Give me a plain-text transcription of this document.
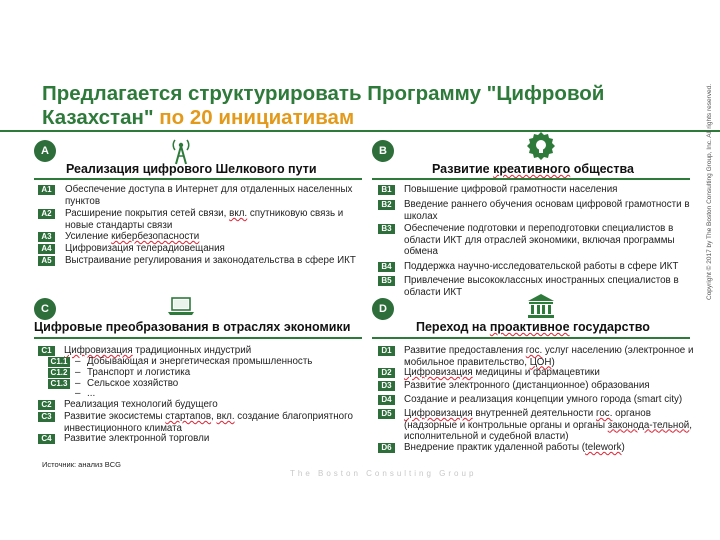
Предлагается структурировать Программу "Цифровой
Казахстан" по 20 инициативам
A
Реализация цифрового Шелкового пути
A1	Обеспечение доступа в Интернет для отдаленных населенных пунктов
A2	Расширение покрытия сетей связи, вкл. спутниковую связь и новые стандарты связи
A3	Усиление кибербезопасности
A4	Цифровизация телерадиовещания
A5	Выстраивание регулирования и законодательства в сфере ИКТ
B
Развитие креативного общества
B1	Повышение цифровой грамотности населения
B2	Введение раннего обучения основам цифровой грамотности в школах
B3	Обеспечение подготовки и переподготовки специалистов в области ИКТ для отраслей экономики, включая программы обмена
B4	Поддержка научно-исследовательской работы в сфере ИКТ
B5	Привлечение высококлассных иностранных специалистов в области ИКТ
C
Цифровые преобразования в отраслях экономики
C1	Цифровизация традиционных индустрий
C1.1 – Добывающая и энергетическая промышленность
C1.2 – Транспорт и логистика
C1.3 – Сельское хозяйство
– ...
C2	Реализация технологий будущего
C3	Развитие экосистемы стартапов, вкл. создание благоприятного инвестиционного климата
C4	Развитие электронной торговли
D
Переход на проактивное государство
D1	Развитие предоставления гос. услуг населению (электронное и мобильное правительство, ЦОН)
D2	Цифровизация медицины и фармацевтики
D3	Развитие электронного (дистанционное) образования
D4	Создание и реализация концепции умного города (smart city)
D5	Цифровизация внутренней деятельности гос. органов (надзорные и контрольные органы и органы законода-тельной, исполнительной и судебной власти)
D6	Внедрение практик удаленной работы (telework)
Источник: анализ BCG
The Boston Consulting Group
Copyright © 2017 by The Boston Consulting Group, Inc. All rights reserved.
